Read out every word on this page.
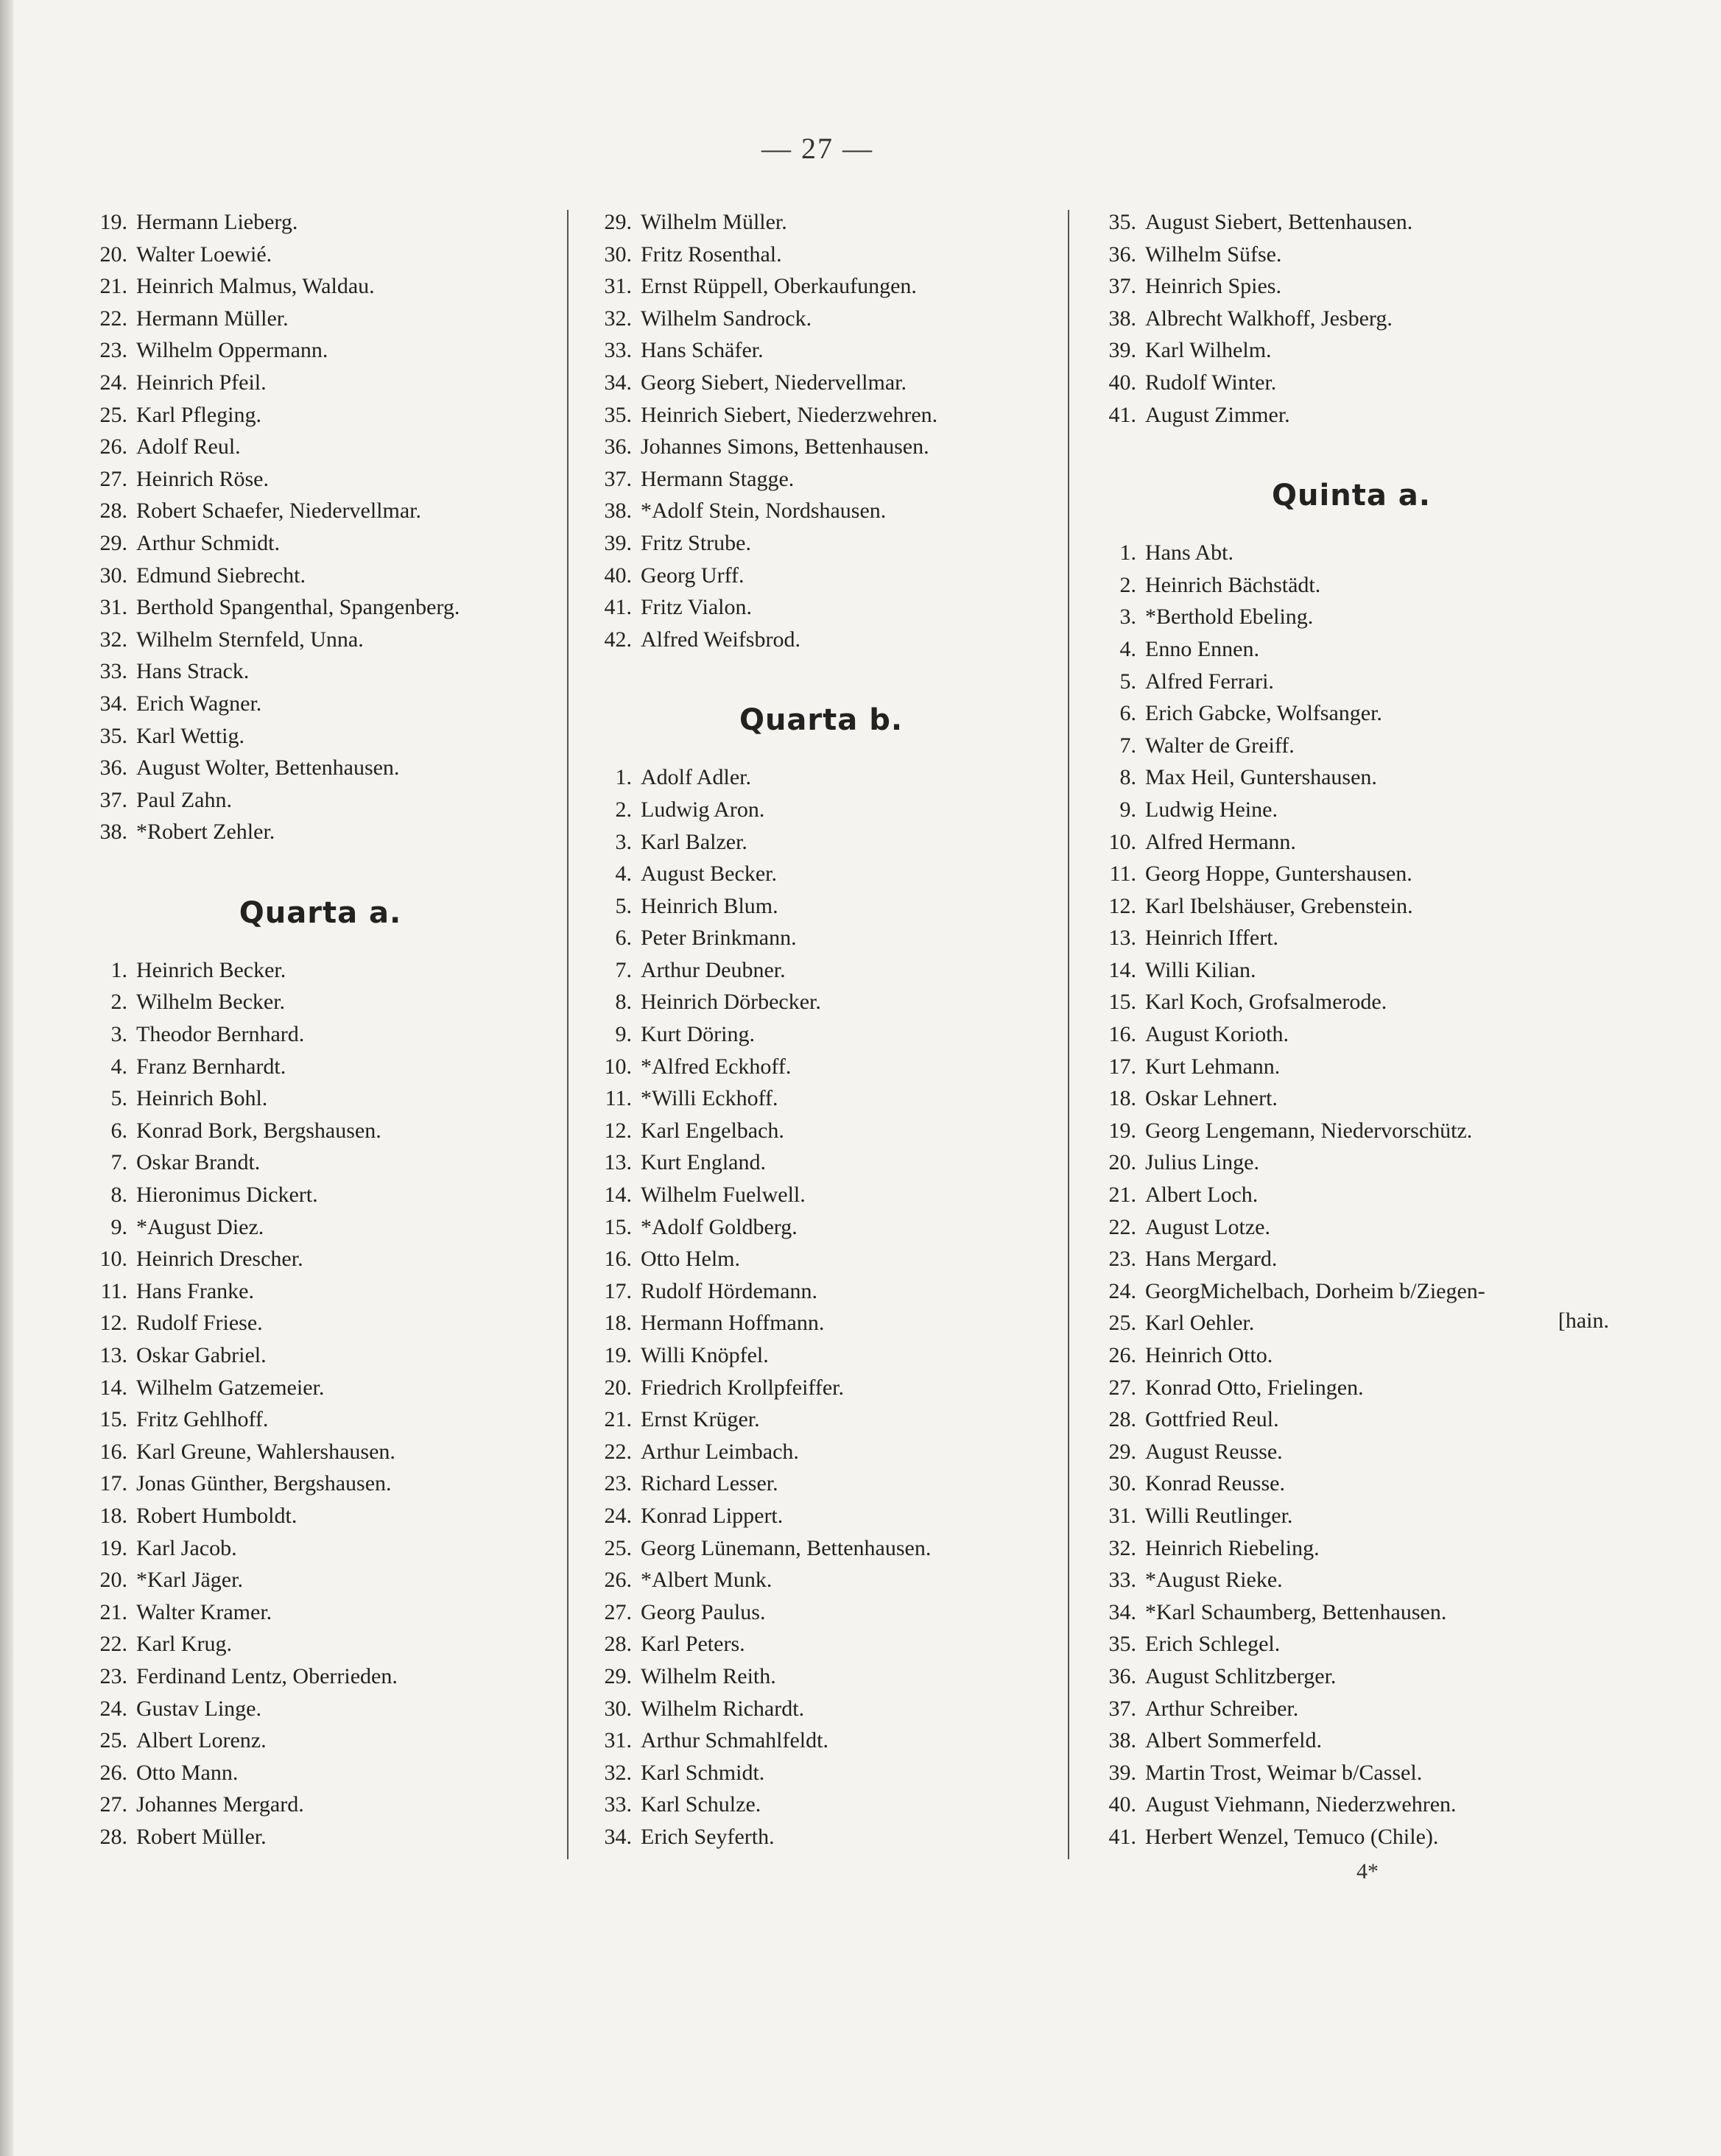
— 27 —
19. Hermann Lieberg.
20. Walter Loewié.
21. Heinrich Malmus, Waldau.
22. Hermann Müller.
23. Wilhelm Oppermann.
24. Heinrich Pfeil.
25. Karl Pfleging.
26. Adolf Reul.
27. Heinrich Röse.
28. Robert Schaefer, Niedervellmar.
29. Arthur Schmidt.
30. Edmund Siebrecht.
31. Berthold Spangenthal, Spangenberg.
32. Wilhelm Sternfeld, Unna.
33. Hans Strack.
34. Erich Wagner.
35. Karl Wettig.
36. August Wolter, Bettenhausen.
37. Paul Zahn.
38. *Robert Zehler.
Quarta a.
1. Heinrich Becker.
2. Wilhelm Becker.
3. Theodor Bernhard.
4. Franz Bernhardt.
5. Heinrich Bohl.
6. Konrad Bork, Bergshausen.
7. Oskar Brandt.
8. Hieronimus Dickert.
9. *August Diez.
10. Heinrich Drescher.
11. Hans Franke.
12. Rudolf Friese.
13. Oskar Gabriel.
14. Wilhelm Gatzemeier.
15. Fritz Gehlhoff.
16. Karl Greune, Wahlershausen.
17. Jonas Günther, Bergshausen.
18. Robert Humboldt.
19. Karl Jacob.
20. *Karl Jäger.
21. Walter Kramer.
22. Karl Krug.
23. Ferdinand Lentz, Oberrieden.
24. Gustav Linge.
25. Albert Lorenz.
26. Otto Mann.
27. Johannes Mergard.
28. Robert Müller.
29. Wilhelm Müller.
30. Fritz Rosenthal.
31. Ernst Rüppell, Oberkaufungen.
32. Wilhelm Sandrock.
33. Hans Schäfer.
34. Georg Siebert, Niedervellmar.
35. Heinrich Siebert, Niederzwehren.
36. Johannes Simons, Bettenhausen.
37. Hermann Stagge.
38. *Adolf Stein, Nordshausen.
39. Fritz Strube.
40. Georg Urff.
41. Fritz Vialon.
42. Alfred Weifsbrod.
Quarta b.
1. Adolf Adler.
2. Ludwig Aron.
3. Karl Balzer.
4. August Becker.
5. Heinrich Blum.
6. Peter Brinkmann.
7. Arthur Deubner.
8. Heinrich Dörbecker.
9. Kurt Döring.
10. *Alfred Eckhoff.
11. *Willi Eckhoff.
12. Karl Engelbach.
13. Kurt England.
14. Wilhelm Fuelwell.
15. *Adolf Goldberg.
16. Otto Helm.
17. Rudolf Hördemann.
18. Hermann Hoffmann.
19. Willi Knöpfel.
20. Friedrich Krollpfeiffer.
21. Ernst Krüger.
22. Arthur Leimbach.
23. Richard Lesser.
24. Konrad Lippert.
25. Georg Lünemann, Bettenhausen.
26. *Albert Munk.
27. Georg Paulus.
28. Karl Peters.
29. Wilhelm Reith.
30. Wilhelm Richardt.
31. Arthur Schmahlfeldt.
32. Karl Schmidt.
33. Karl Schulze.
34. Erich Seyferth.
35. August Siebert, Bettenhausen.
36. Wilhelm Süfse.
37. Heinrich Spies.
38. Albrecht Walkhoff, Jesberg.
39. Karl Wilhelm.
40. Rudolf Winter.
41. August Zimmer.
Quinta a.
1. Hans Abt.
2. Heinrich Bächstädt.
3. *Berthold Ebeling.
4. Enno Ennen.
5. Alfred Ferrari.
6. Erich Gabcke, Wolfsanger.
7. Walter de Greiff.
8. Max Heil, Guntershausen.
9. Ludwig Heine.
10. Alfred Hermann.
11. Georg Hoppe, Guntershausen.
12. Karl Ibelshäuser, Grebenstein.
13. Heinrich Iffert.
14. Willi Kilian.
15. Karl Koch, Grofsalmerode.
16. August Korioth.
17. Kurt Lehmann.
18. Oskar Lehnert.
19. Georg Lengemann, Niedervorschütz.
20. Julius Linge.
21. Albert Loch.
22. August Lotze.
23. Hans Mergard.
24. GeorgMichelbach, Dorheim b/Ziegen-
[hain.
25. Karl Oehler.
26. Heinrich Otto.
27. Konrad Otto, Frielingen.
28. Gottfried Reul.
29. August Reusse.
30. Konrad Reusse.
31. Willi Reutlinger.
32. Heinrich Riebeling.
33. *August Rieke.
34. *Karl Schaumberg, Bettenhausen.
35. Erich Schlegel.
36. August Schlitzberger.
37. Arthur Schreiber.
38. Albert Sommerfeld.
39. Martin Trost, Weimar b/Cassel.
40. August Viehmann, Niederzwehren.
41. Herbert Wenzel, Temuco (Chile).
4*
